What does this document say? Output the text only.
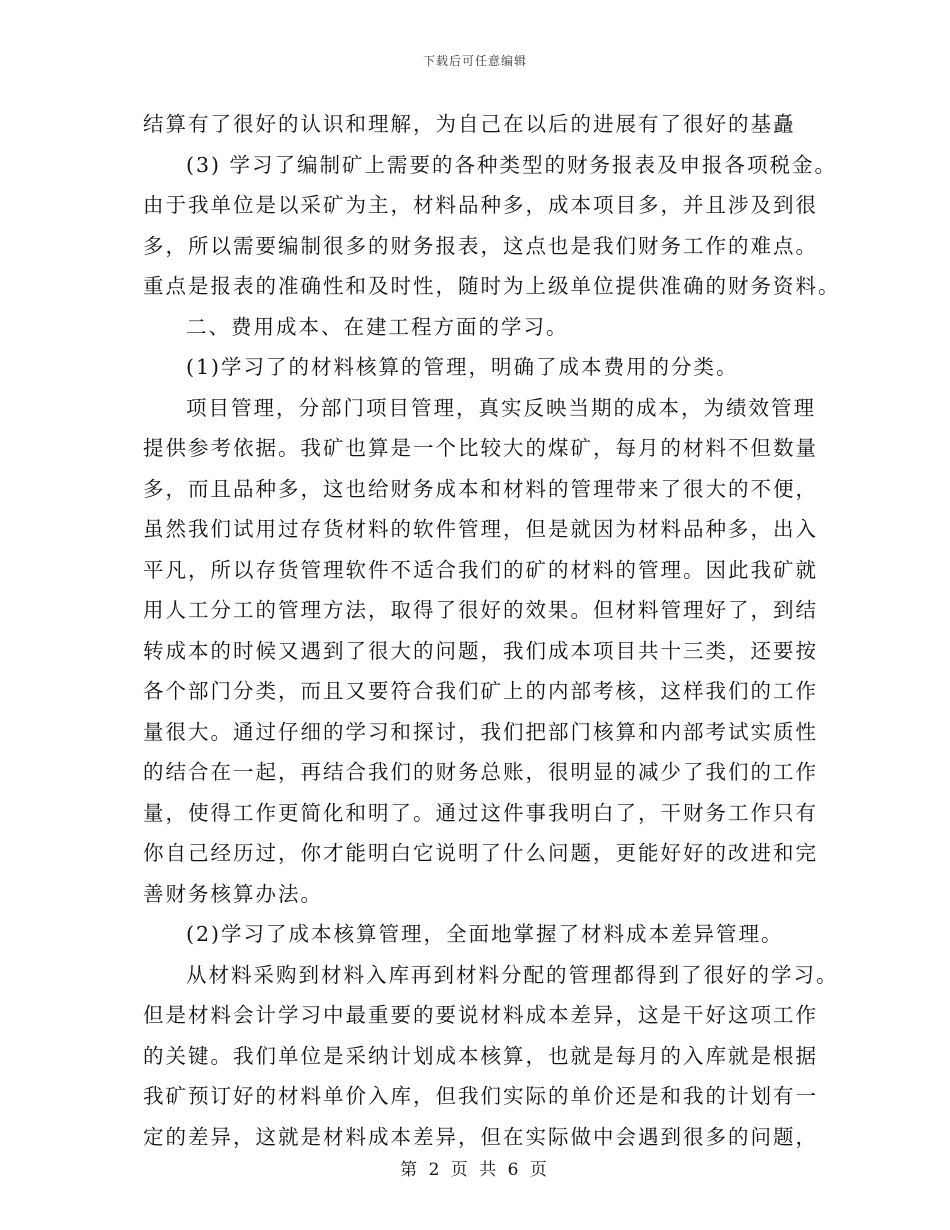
下载后可任意编辑
结算有了很好的认识和理解，为自己在以后的进展有了很好的基矗
(3) 学习了编制矿上需要的各种类型的财务报表及申报各项税金。
由于我单位是以采矿为主，材料品种多，成本项目多，并且涉及到很
多，所以需要编制很多的财务报表，这点也是我们财务工作的难点。
重点是报表的准确性和及时性，随时为上级单位提供准确的财务资料。
二、费用成本、在建工程方面的学习。
(1)学习了的材料核算的管理，明确了成本费用的分类。
项目管理，分部门项目管理，真实反映当期的成本，为绩效管理
提供参考依据。我矿也算是一个比较大的煤矿，每月的材料不但数量
多，而且品种多，这也给财务成本和材料的管理带来了很大的不便，
虽然我们试用过存货材料的软件管理，但是就因为材料品种多，出入
平凡，所以存货管理软件不适合我们的矿的材料的管理。因此我矿就
用人工分工的管理方法，取得了很好的效果。但材料管理好了，到结
转成本的时候又遇到了很大的问题，我们成本项目共十三类，还要按
各个部门分类，而且又要符合我们矿上的内部考核，这样我们的工作
量很大。通过仔细的学习和探讨，我们把部门核算和内部考试实质性
的结合在一起，再结合我们的财务总账，很明显的减少了我们的工作
量，使得工作更简化和明了。通过这件事我明白了，干财务工作只有
你自己经历过，你才能明白它说明了什么问题，更能好好的改进和完
善财务核算办法。
(2)学习了成本核算管理，全面地掌握了材料成本差异管理。
从材料采购到材料入库再到材料分配的管理都得到了很好的学习。
但是材料会计学习中最重要的要说材料成本差异，这是干好这项工作
的关键。我们单位是采纳计划成本核算，也就是每月的入库就是根据
我矿预订好的材料单价入库，但我们实际的单价还是和我的计划有一
定的差异，这就是材料成本差异，但在实际做中会遇到很多的问题，
第 2 页 共 6 页
